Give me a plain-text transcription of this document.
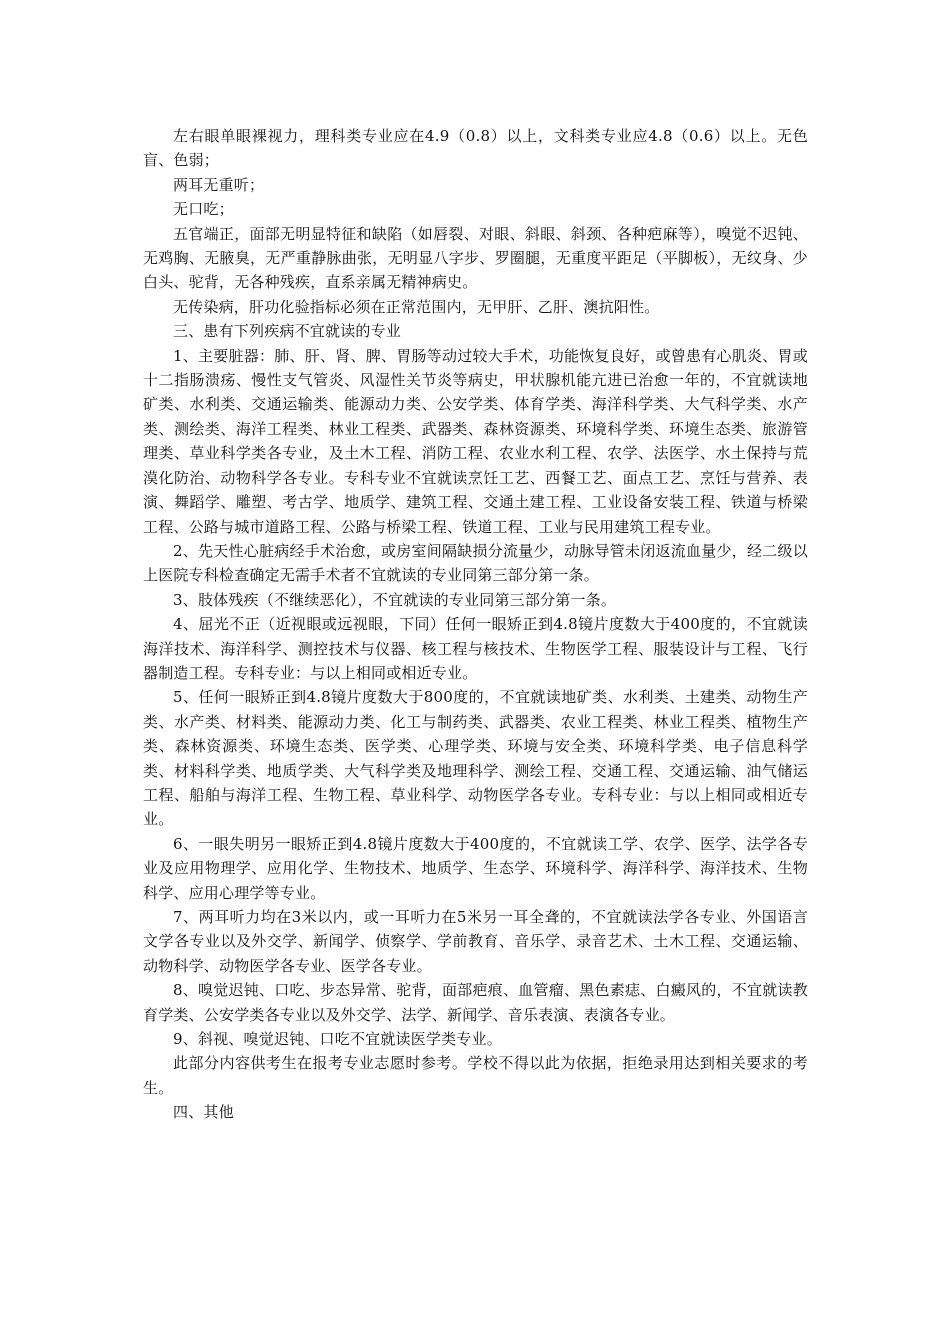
左右眼单眼裸视力，理科类专业应在4.9（0.8）以上，文科类专业应4.8（0.6）以上。无色盲、色弱；

两耳无重听；

无口吃；

五官端正，面部无明显特征和缺陷（如唇裂、对眼、斜眼、斜颈、各种疤麻等），嗅觉不迟钝、无鸡胸、无腋臭，无严重静脉曲张，无明显八字步、罗圈腿，无重度平距足（平脚板），无纹身、少白头、驼背，无各种残疾，直系亲属无精神病史。

无传染病，肝功化验指标必须在正常范围内，无甲肝、乙肝、澳抗阳性。

三、患有下列疾病不宜就读的专业

1、主要脏器：肺、肝、肾、脾、胃肠等动过较大手术，功能恢复良好，或曾患有心肌炎、胃或十二指肠溃疡、慢性支气管炎、风湿性关节炎等病史，甲状腺机能亢进已治愈一年的，不宜就读地矿类、水利类、交通运输类、能源动力类、公安学类、体育学类、海洋科学类、大气科学类、水产类、测绘类、海洋工程类、林业工程类、武器类、森林资源类、环境科学类、环境生态类、旅游管理类、草业科学类各专业，及土木工程、消防工程、农业水利工程、农学、法医学、水土保持与荒漠化防治、动物科学各专业。专科专业不宜就读烹饪工艺、西餐工艺、面点工艺、烹饪与营养、表演、舞蹈学、雕塑、考古学、地质学、建筑工程、交通土建工程、工业设备安装工程、铁道与桥梁工程、公路与城市道路工程、公路与桥梁工程、铁道工程、工业与民用建筑工程专业。

2、先天性心脏病经手术治愈，或房室间隔缺损分流量少，动脉导管未闭返流血量少，经二级以上医院专科检查确定无需手术者不宜就读的专业同第三部分第一条。

3、肢体残疾（不继续恶化），不宜就读的专业同第三部分第一条。

4、屈光不正（近视眼或远视眼，下同）任何一眼矫正到4.8镜片度数大于400度的，不宜就读海洋技术、海洋科学、测控技术与仪器、核工程与核技术、生物医学工程、服装设计与工程、飞行器制造工程。专科专业：与以上相同或相近专业。

5、任何一眼矫正到4.8镜片度数大于800度的，不宜就读地矿类、水利类、土建类、动物生产类、水产类、材料类、能源动力类、化工与制药类、武器类、农业工程类、林业工程类、植物生产类、森林资源类、环境生态类、医学类、心理学类、环境与安全类、环境科学类、电子信息科学类、材料科学类、地质学类、大气科学类及地理科学、测绘工程、交通工程、交通运输、油气储运工程、船舶与海洋工程、生物工程、草业科学、动物医学各专业。专科专业：与以上相同或相近专业。

6、一眼失明另一眼矫正到4.8镜片度数大于400度的，不宜就读工学、农学、医学、法学各专业及应用物理学、应用化学、生物技术、地质学、生态学、环境科学、海洋科学、海洋技术、生物科学、应用心理学等专业。

7、两耳听力均在3米以内，或一耳听力在5米另一耳全聋的，不宜就读法学各专业、外国语言文学各专业以及外交学、新闻学、侦察学、学前教育、音乐学、录音艺术、土木工程、交通运输、动物科学、动物医学各专业、医学各专业。

8、嗅觉迟钝、口吃、步态异常、驼背，面部疤痕、血管瘤、黑色素痣、白癜风的，不宜就读教育学类、公安学类各专业以及外交学、法学、新闻学、音乐表演、表演各专业。

9、斜视、嗅觉迟钝、口吃不宜就读医学类专业。

此部分内容供考生在报考专业志愿时参考。学校不得以此为依据，拒绝录用达到相关要求的考生。

四、其他
